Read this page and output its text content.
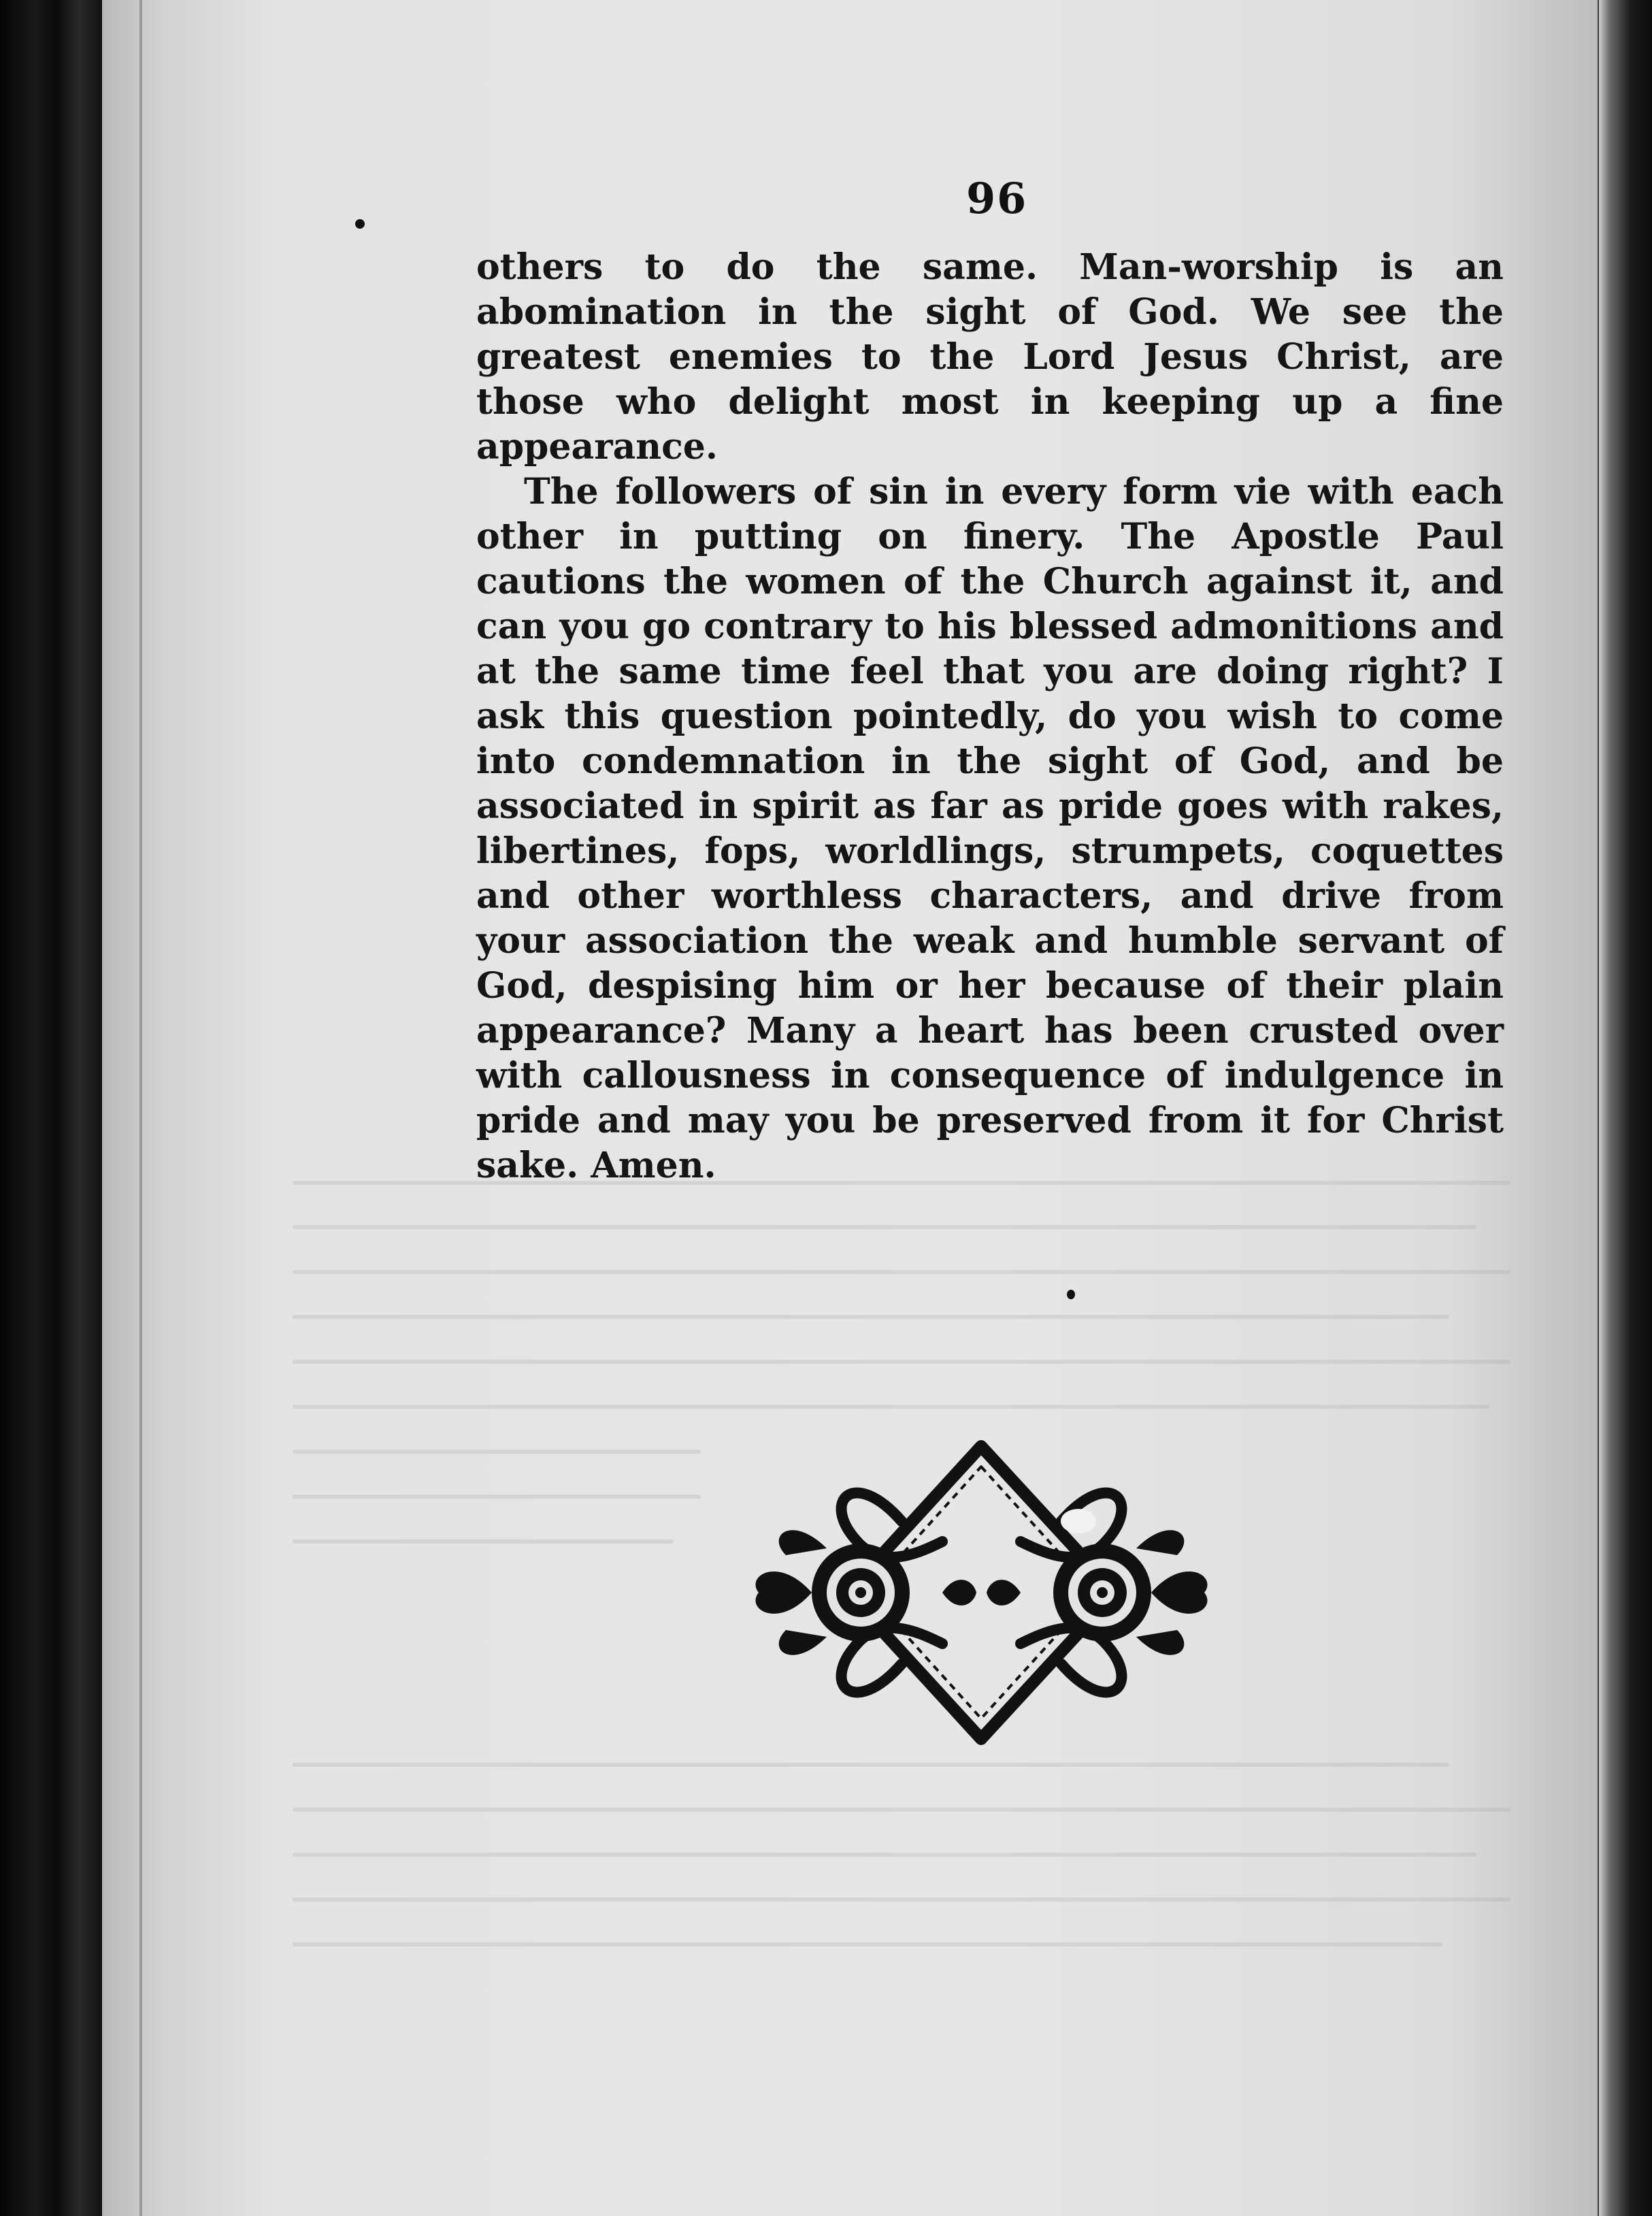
96

others to do the same. Man-worship is an abomination in the sight of God. We see the greatest enemies to the Lord Jesus Christ, are those who delight most in keeping up a fine appearance.

The followers of sin in every form vie with each other in putting on finery. The Apostle Paul cautions the women of the Church against it, and can you go contrary to his blessed admonitions and at the same time feel that you are doing right? I ask this question pointedly, do you wish to come into condemnation in the sight of God, and be associated in spirit as far as pride goes with rakes, libertines, fops, worldlings, strumpets, coquettes and other worthless characters, and drive from your association the weak and humble servant of God, despising him or her because of their plain appearance? Many a heart has been crusted over with callousness in consequence of indulgence in pride and may you be preserved from it for Christ sake. Amen.
